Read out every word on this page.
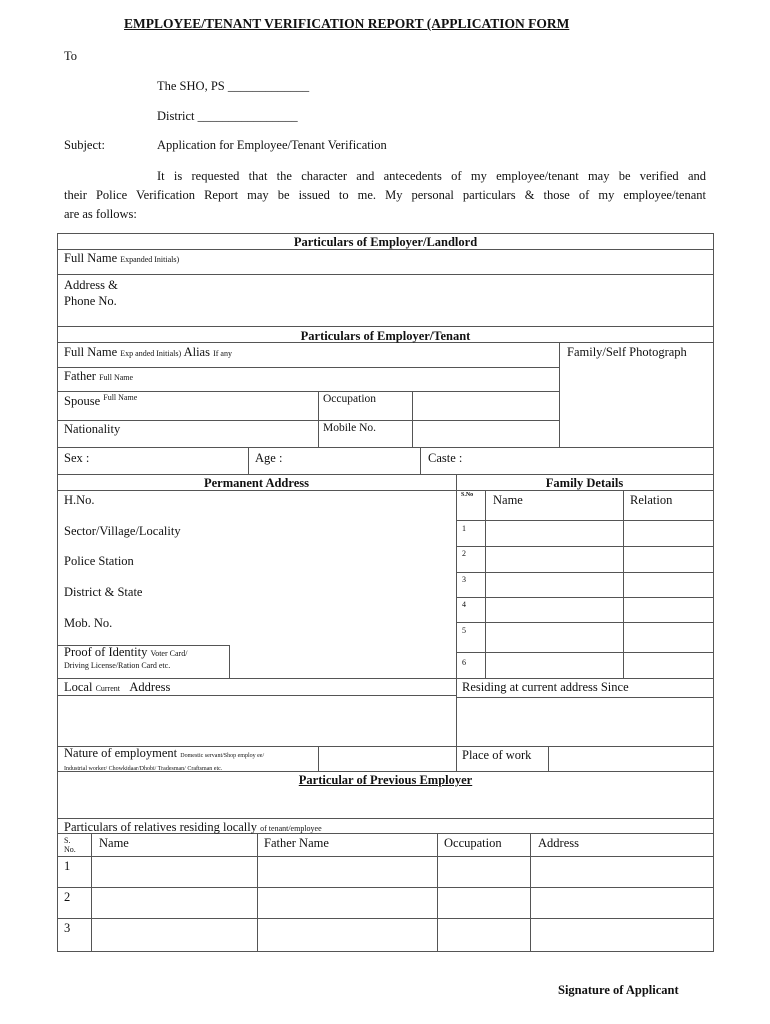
EMPLOYEE/TENANT VERIFICATION REPORT (APPLICATION FORM
To
The SHO, PS _____________
District ________________
Subject:	Application for Employee/Tenant Verification
It is requested that the character and antecedents of my employee/tenant may be verified and
their Police Verification Report may be issued to me. My personal particulars & those of my employee/tenant
are as follows:
Particulars of Employer/Landlord
Full Name Expanded Initials)
Address &
Phone No.
Particulars of Employer/Tenant
Full Name Exp anded Initials) Alias If any	Family/Self Photograph
Father Full Name
Spouse $^{Full Name}$	Occupation
Nationality	Mobile No.
Sex :	Age :	Caste :
Permanent Address
H.No.
Sector/Village/Locality
Police Station
District & State
Mob. No.
Proof of Identity Voter Card/
Driving License/Ration Card etc.
Family Details
S.No Name	Relation
1
2
3
4
5
6
Local Current Address	Residing at current address Since
Nature of employment Domestic servant/Shop employ ee/
Industrial worker/ Chowkidaar/Dhobi/ Tradesman/ Craftsman etc.
Place of work
Particular of Previous Employer
Particulars of relatives residing locally of tenant/employee
S.
No. Name	Father Name	Occupation	Address
1
2
3
Signature of Applicant
